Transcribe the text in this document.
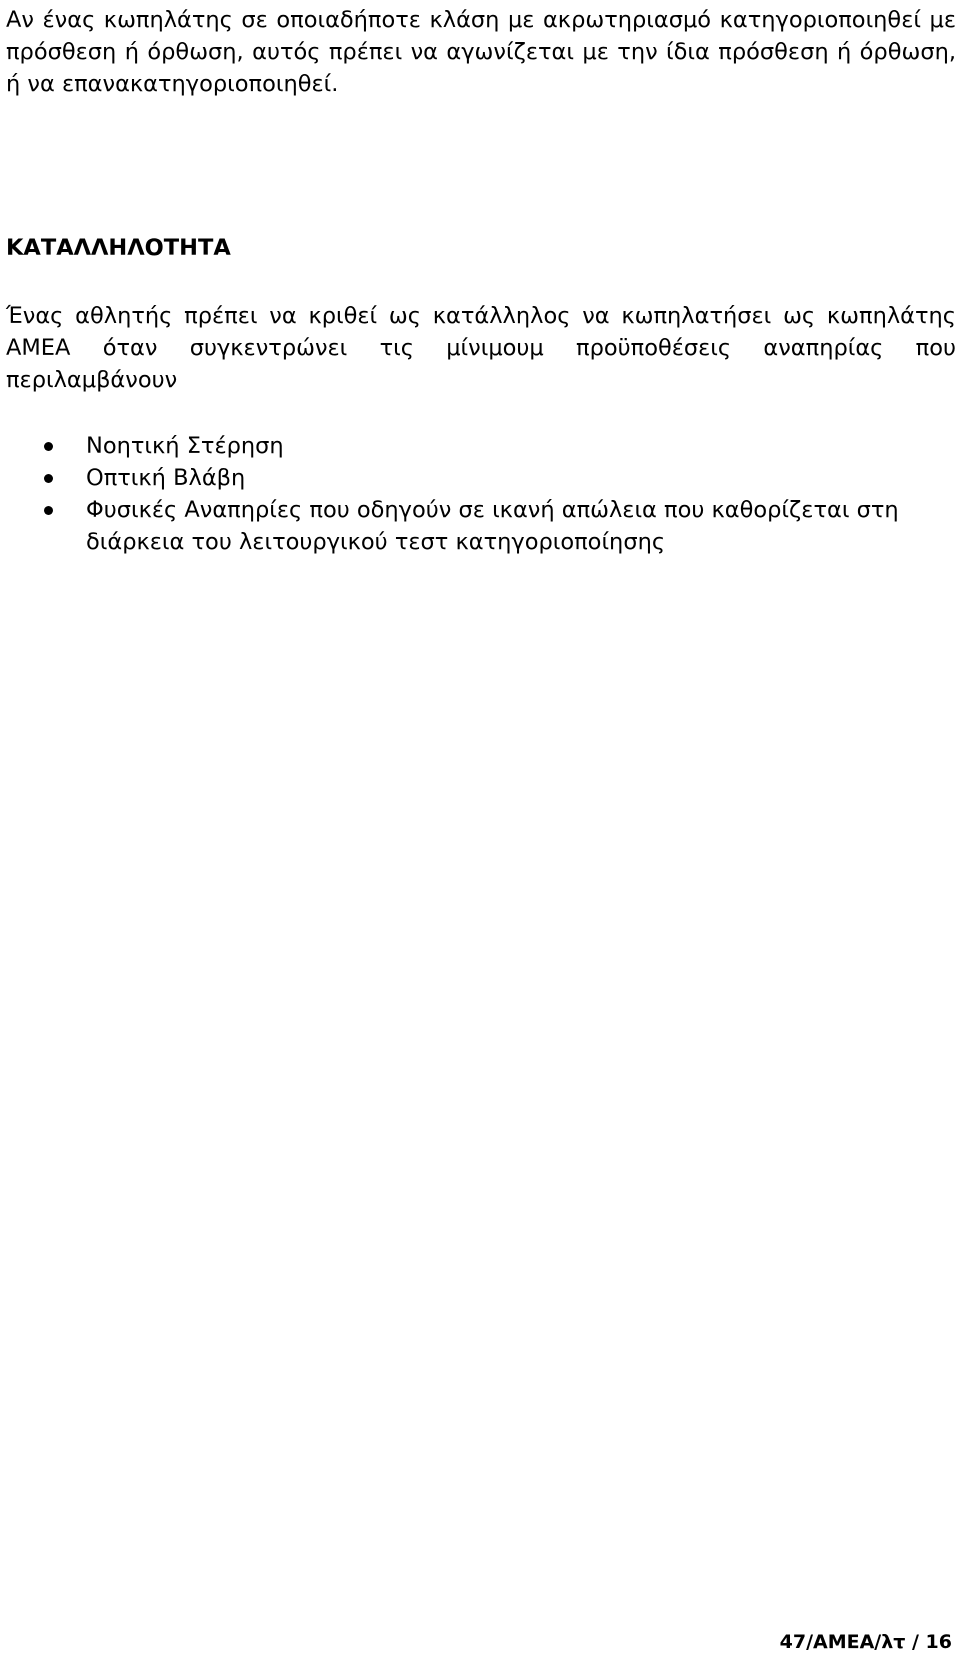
Αν ένας κωπηλάτης σε οποιαδήποτε κλάση με ακρωτηριασμό κατηγοριοποιηθεί με πρόσθεση ή όρθωση, αυτός πρέπει να αγωνίζεται με την ίδια πρόσθεση ή όρθωση, ή να επανακατηγοριοποιηθεί.

ΚΑΤΑΛΛΗΛΟΤΗΤΑ

Ένας αθλητής πρέπει να κριθεί ως κατάλληλος να κωπηλατήσει ως κωπηλάτης ΑΜΕΑ όταν συγκεντρώνει τις μίνιμουμ προϋποθέσεις αναπηρίας που περιλαμβάνουν

Νοητική Στέρηση
Οπτική Βλάβη
Φυσικές Αναπηρίες που οδηγούν σε ικανή απώλεια που καθορίζεται στη διάρκεια του λειτουργικού τεστ κατηγοριοποίησης
47/ΑΜΕΑ/λτ / 16
